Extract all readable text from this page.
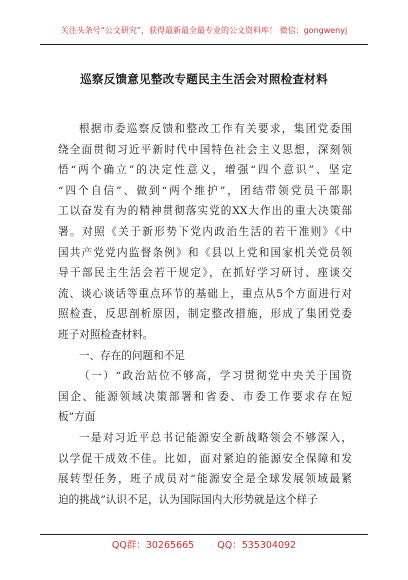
关注头条号“公文研究”，获得最新最全最专业的公文资料库！ 微信：gongwenyj
巡察反馈意见整改专题民主生活会对照检查材料
根据市委巡察反馈和整改工作有关要求，集团党委围
绕全面贯彻习近平新时代中国特色社会主义思想，深刻领
悟“两个确立”的决定性意义，增强“四个意识”、坚定
“四个自信”、做到“两个维护”，团结带领党员干部职
工以奋发有为的精神贯彻落实党的XX大作出的重大决策部
署。对照《关于新形势下党内政治生活的若干准则》《中
国共产党党内监督条例》和《县以上党和国家机关党员领
导干部民主生活会若干规定》，在抓好学习研讨、座谈交
流、谈心谈话等重点环节的基础上，重点从5个方面进行对
照检查，反思剖析原因，制定整改措施，形成了集团党委
班子对照检查材料。
一、存在的问题和不足
（一）“政治站位不够高，学习贯彻党中央关于国资
国企、能源领域决策部署和省委、市委工作要求存在短
板”方面
一是对习近平总书记能源安全新战略领会不够深入，
以学促干成效不佳。比如，面对紧迫的能源安全保障和发
展转型任务，班子成员对“能源安全是全球发展领域最紧
迫的挑战”认识不足，认为国际国内大形势就是这个样子
QQ群：30265665 QQ：535304092
